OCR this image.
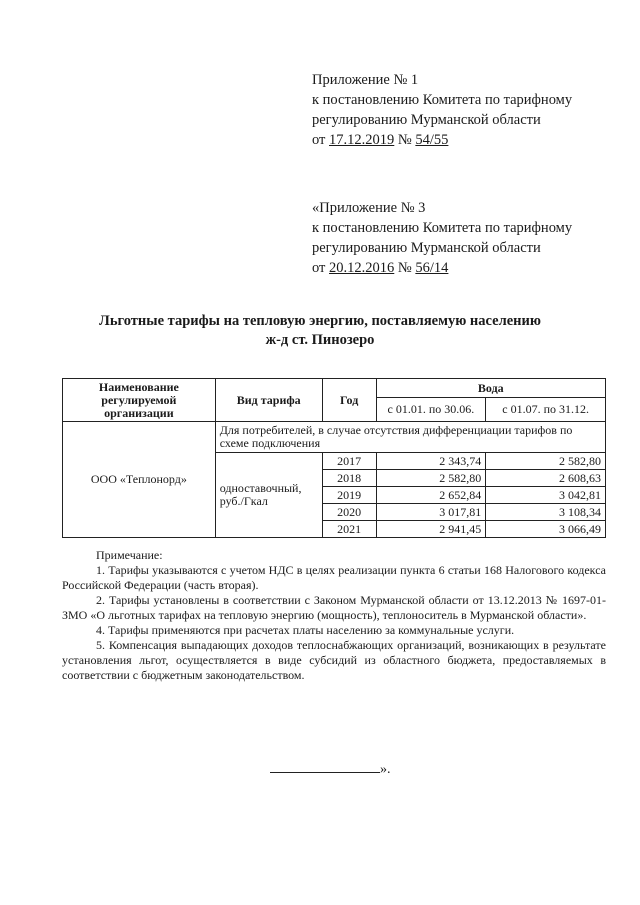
Приложение № 1
к постановлению Комитета по тарифному
регулированию Мурманской области
от 17.12.2019 № 54/55
«Приложение № 3
к постановлению Комитета по тарифному
регулированию Мурманской области
от 20.12.2016 № 56/14
Льготные тарифы на тепловую энергию, поставляемую населению
ж-д ст. Пинозеро
Наименование регулируемой организации	Вид тарифа	Год	Вода	
			с 01.01. по 30.06.	с 01.07. по 31.12.
ООО «Теплонорд»	Для потребителей, в случае отсутствия дифференциации тарифов по схеме подключения			
	одноставочный, руб./Гкал	2017	2 343,74	2 582,80
		2018	2 582,80	2 608,63
		2019	2 652,84	3 042,81
		2020	3 017,81	3 108,34
		2021	2 941,45	3 066,49

Примечание:

1. Тарифы указываются с учетом НДС в целях реализации пункта 6 статьи 168 Налогового кодекса Российской Федерации (часть вторая).

2. Тарифы установлены в соответствии с Законом Мурманской области от 13.12.2013 № 1697-01-ЗМО «О льготных тарифах на тепловую энергию (мощность), теплоноситель в Мурманской области».

4. Тарифы применяются при расчетах платы населению за коммунальные услуги.

5. Компенсация выпадающих доходов теплоснабжающих организаций, возникающих в результате установления льгот, осуществляется в виде субсидий из областного бюджета, предоставляемых в соответствии с бюджетным законодательством.

».
